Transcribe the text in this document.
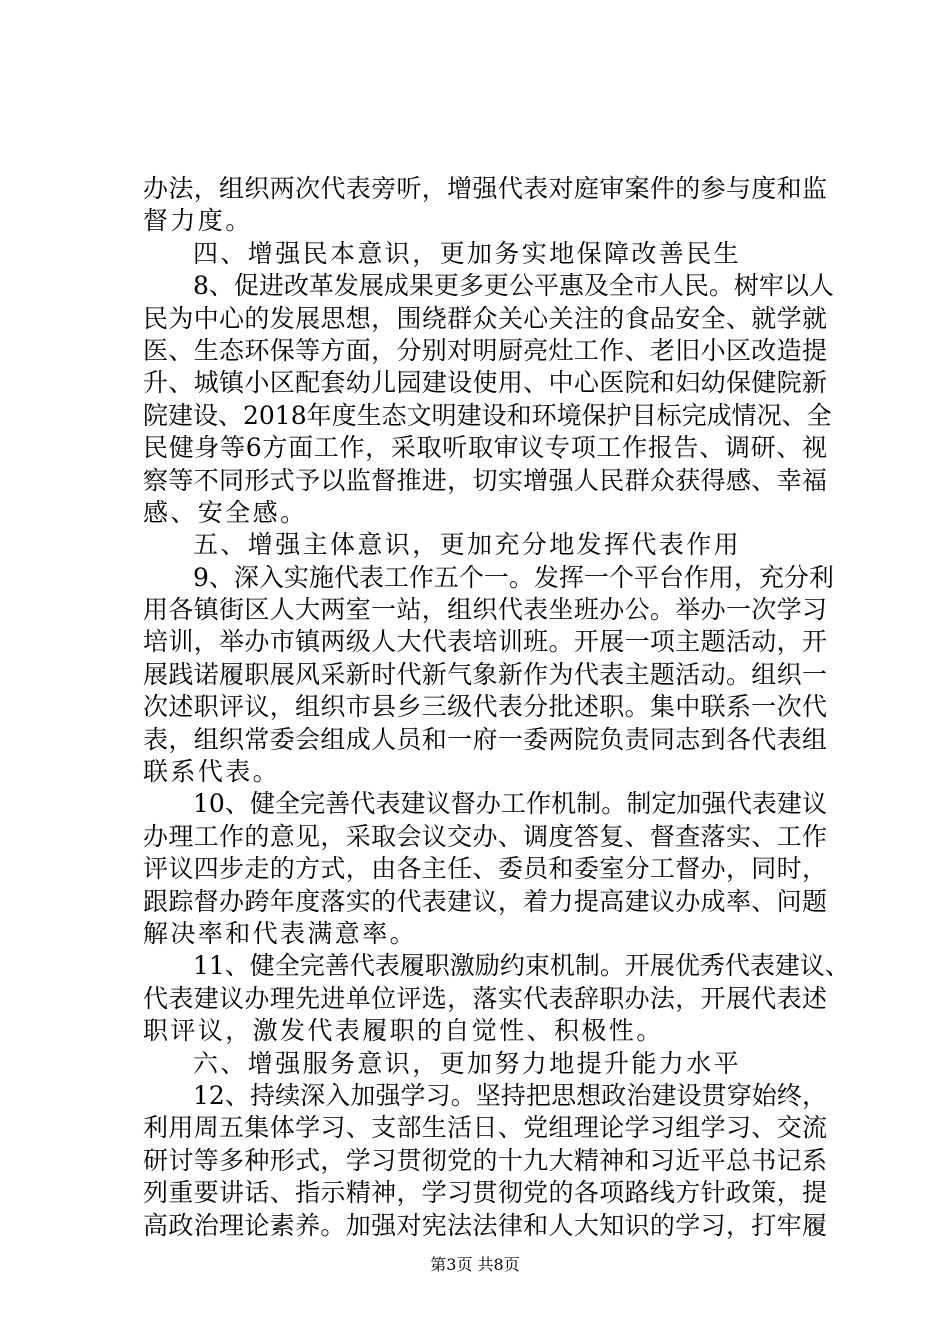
办法，组织两次代表旁听，增强代表对庭审案件的参与度和监
督力度。
四、增强民本意识，更加务实地保障改善民生
8、促进改革发展成果更多更公平惠及全市人民。树牢以人
民为中心的发展思想，围绕群众关心关注的食品安全、就学就
医、生态环保等方面，分别对明厨亮灶工作、老旧小区改造提
升、城镇小区配套幼儿园建设使用、中心医院和妇幼保健院新
院建设、2018年度生态文明建设和环境保护目标完成情况、全
民健身等6方面工作，采取听取审议专项工作报告、调研、视
察等不同形式予以监督推进，切实增强人民群众获得感、幸福
感、安全感。
五、增强主体意识，更加充分地发挥代表作用
9、深入实施代表工作五个一。发挥一个平台作用，充分利
用各镇街区人大两室一站，组织代表坐班办公。举办一次学习
培训，举办市镇两级人大代表培训班。开展一项主题活动，开
展践诺履职展风采新时代新气象新作为代表主题活动。组织一
次述职评议，组织市县乡三级代表分批述职。集中联系一次代
表，组织常委会组成人员和一府一委两院负责同志到各代表组
联系代表。
10、健全完善代表建议督办工作机制。制定加强代表建议
办理工作的意见，采取会议交办、调度答复、督查落实、工作
评议四步走的方式，由各主任、委员和委室分工督办，同时，
跟踪督办跨年度落实的代表建议，着力提高建议办成率、问题
解决率和代表满意率。
11、健全完善代表履职激励约束机制。开展优秀代表建议、
代表建议办理先进单位评选，落实代表辞职办法，开展代表述
职评议，激发代表履职的自觉性、积极性。
六、增强服务意识，更加努力地提升能力水平
12、持续深入加强学习。坚持把思想政治建设贯穿始终，
利用周五集体学习、支部生活日、党组理论学习组学习、交流
研讨等多种形式，学习贯彻党的十九大精神和习近平总书记系
列重要讲话、指示精神，学习贯彻党的各项路线方针政策，提
高政治理论素养。加强对宪法法律和人大知识的学习，打牢履
第3页 共8页
